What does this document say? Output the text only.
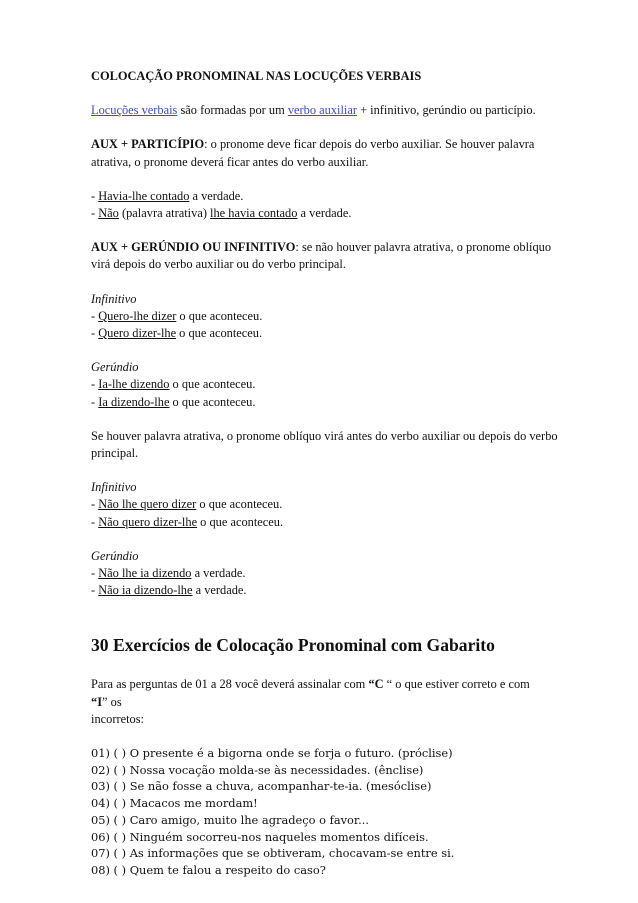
COLOCAÇÃO PRONOMINAL NAS LOCUÇÕES VERBAIS

Locuções verbais são formadas por um verbo auxiliar + infinitivo, gerúndio ou particípio.

AUX + PARTICÍPIO: o pronome deve ficar depois do verbo auxiliar. Se houver palavra atrativa, o pronome deverá ficar antes do verbo auxiliar.

- Havia-lhe contado a verdade.

- Não (palavra atrativa) lhe havia contado a verdade.

AUX + GERÚNDIO OU INFINITIVO: se não houver palavra atrativa, o pronome oblíquo virá depois do verbo auxiliar ou do verbo principal.

Infinitivo

- Quero-lhe dizer o que aconteceu.

- Quero dizer-lhe o que aconteceu.

Gerúndio

- Ia-lhe dizendo o que aconteceu.

- Ia dizendo-lhe o que aconteceu.

Se houver palavra atrativa, o pronome oblíquo virá antes do verbo auxiliar ou depois do verbo principal.

Infinitivo

- Não lhe quero dizer o que aconteceu.

- Não quero dizer-lhe o que aconteceu.

Gerúndio

- Não lhe ia dizendo a verdade.

- Não ia dizendo-lhe a verdade.

30 Exercícios de Colocação Pronominal com Gabarito

Para as perguntas de 01 a 28 você deverá assinalar com “C “ o que estiver correto e com

“I” os

incorretos:

01) ( ) O presente é a bigorna onde se forja o futuro. (próclise)

02) ( ) Nossa vocação molda-se às necessidades. (ênclise)

03) ( ) Se não fosse a chuva, acompanhar-te-ia. (mesóclise)

04) ( ) Macacos me mordam!

05) ( ) Caro amigo, muito lhe agradeço o favor...

06) ( ) Ninguém socorreu-nos naqueles momentos difíceis.

07) ( ) As informações que se obtiveram, chocavam-se entre si.

08) ( ) Quem te falou a respeito do caso?
